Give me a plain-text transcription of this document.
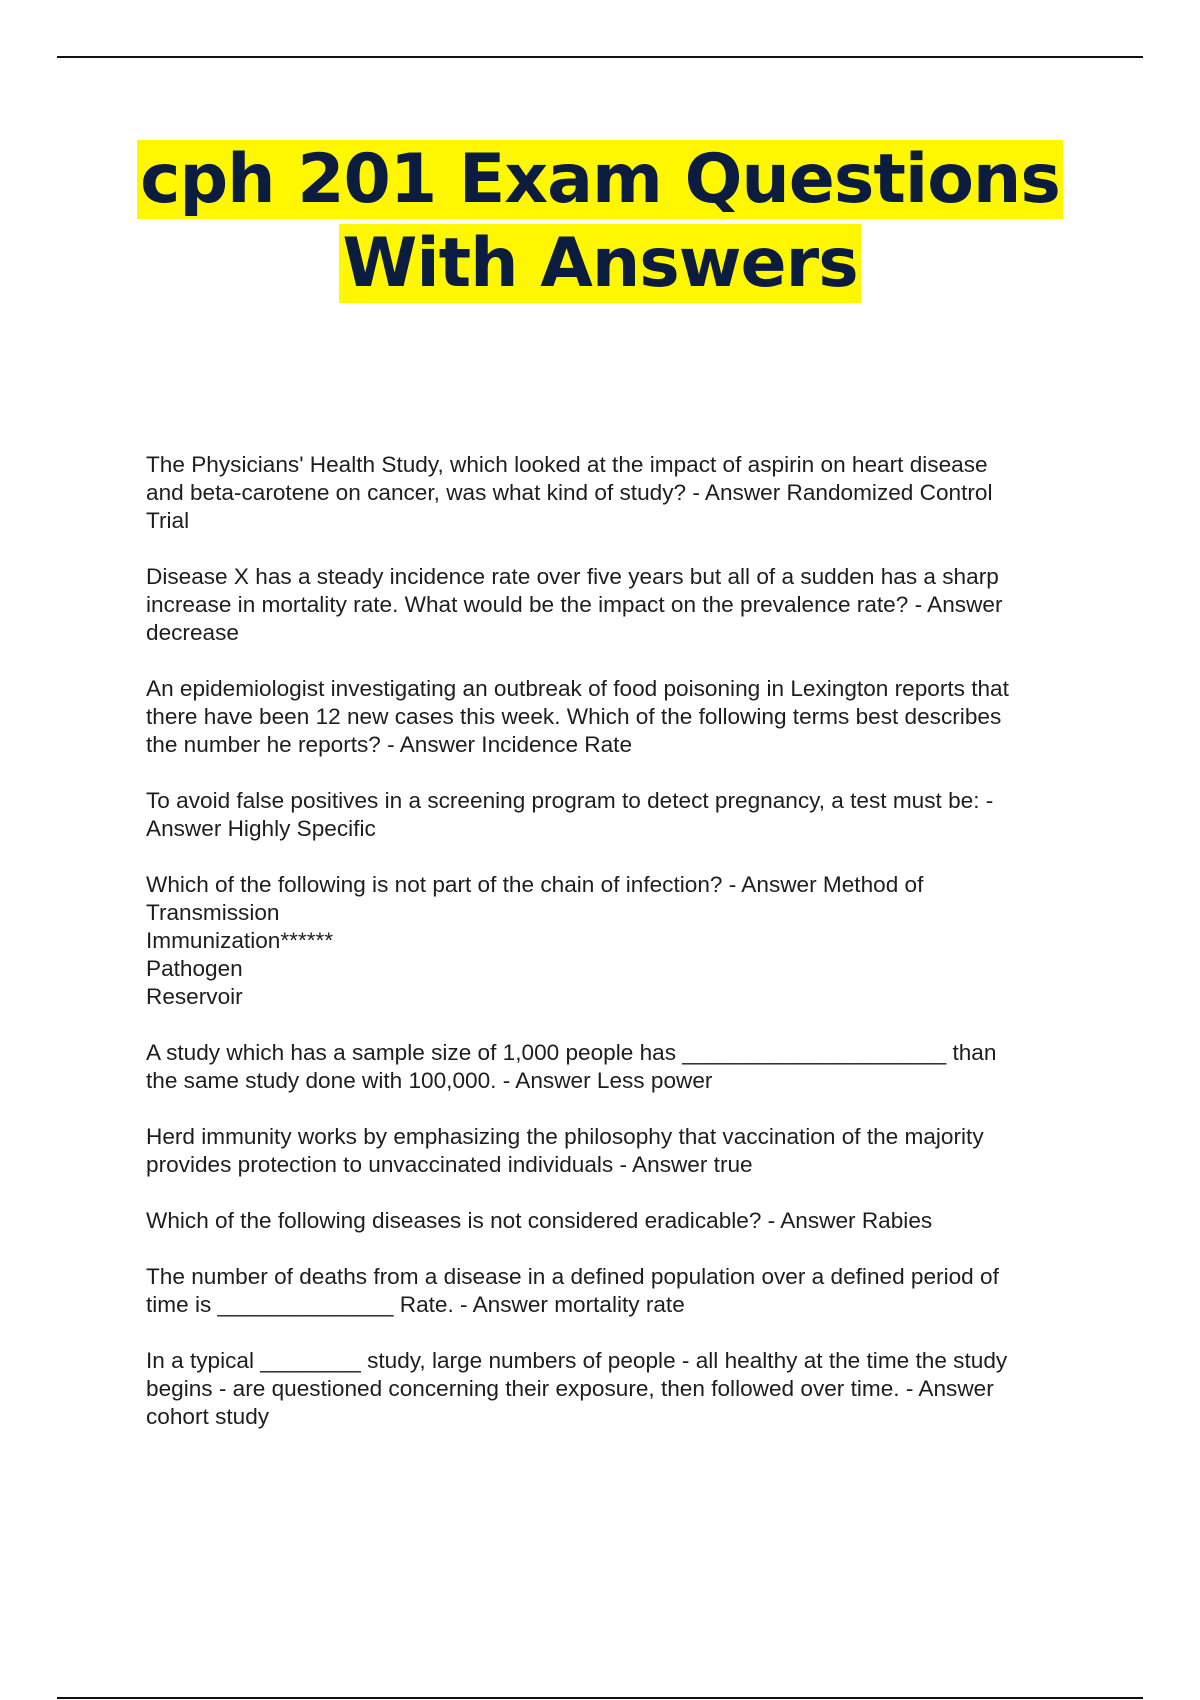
cph 201 Exam Questions
With Answers
The Physicians' Health Study, which looked at the impact of aspirin on heart disease
and beta-carotene on cancer, was what kind of study? - Answer Randomized Control
Trial
Disease X has a steady incidence rate over five years but all of a sudden has a sharp
increase in mortality rate. What would be the impact on the prevalence rate? - Answer
decrease
An epidemiologist investigating an outbreak of food poisoning in Lexington reports that
there have been 12 new cases this week. Which of the following terms best describes
the number he reports? - Answer Incidence Rate
To avoid false positives in a screening program to detect pregnancy, a test must be: -
Answer Highly Specific
Which of the following is not part of the chain of infection? - Answer Method of
Transmission
Immunization******
Pathogen
Reservoir
A study which has a sample size of 1,000 people has _____________________ than
the same study done with 100,000. - Answer Less power
Herd immunity works by emphasizing the philosophy that vaccination of the majority
provides protection to unvaccinated individuals - Answer true
Which of the following diseases is not considered eradicable? - Answer Rabies
The number of deaths from a disease in a defined population over a defined period of
time is ______________ Rate. - Answer mortality rate
In a typical ________ study, large numbers of people - all healthy at the time the study
begins - are questioned concerning their exposure, then followed over time. - Answer
cohort study
